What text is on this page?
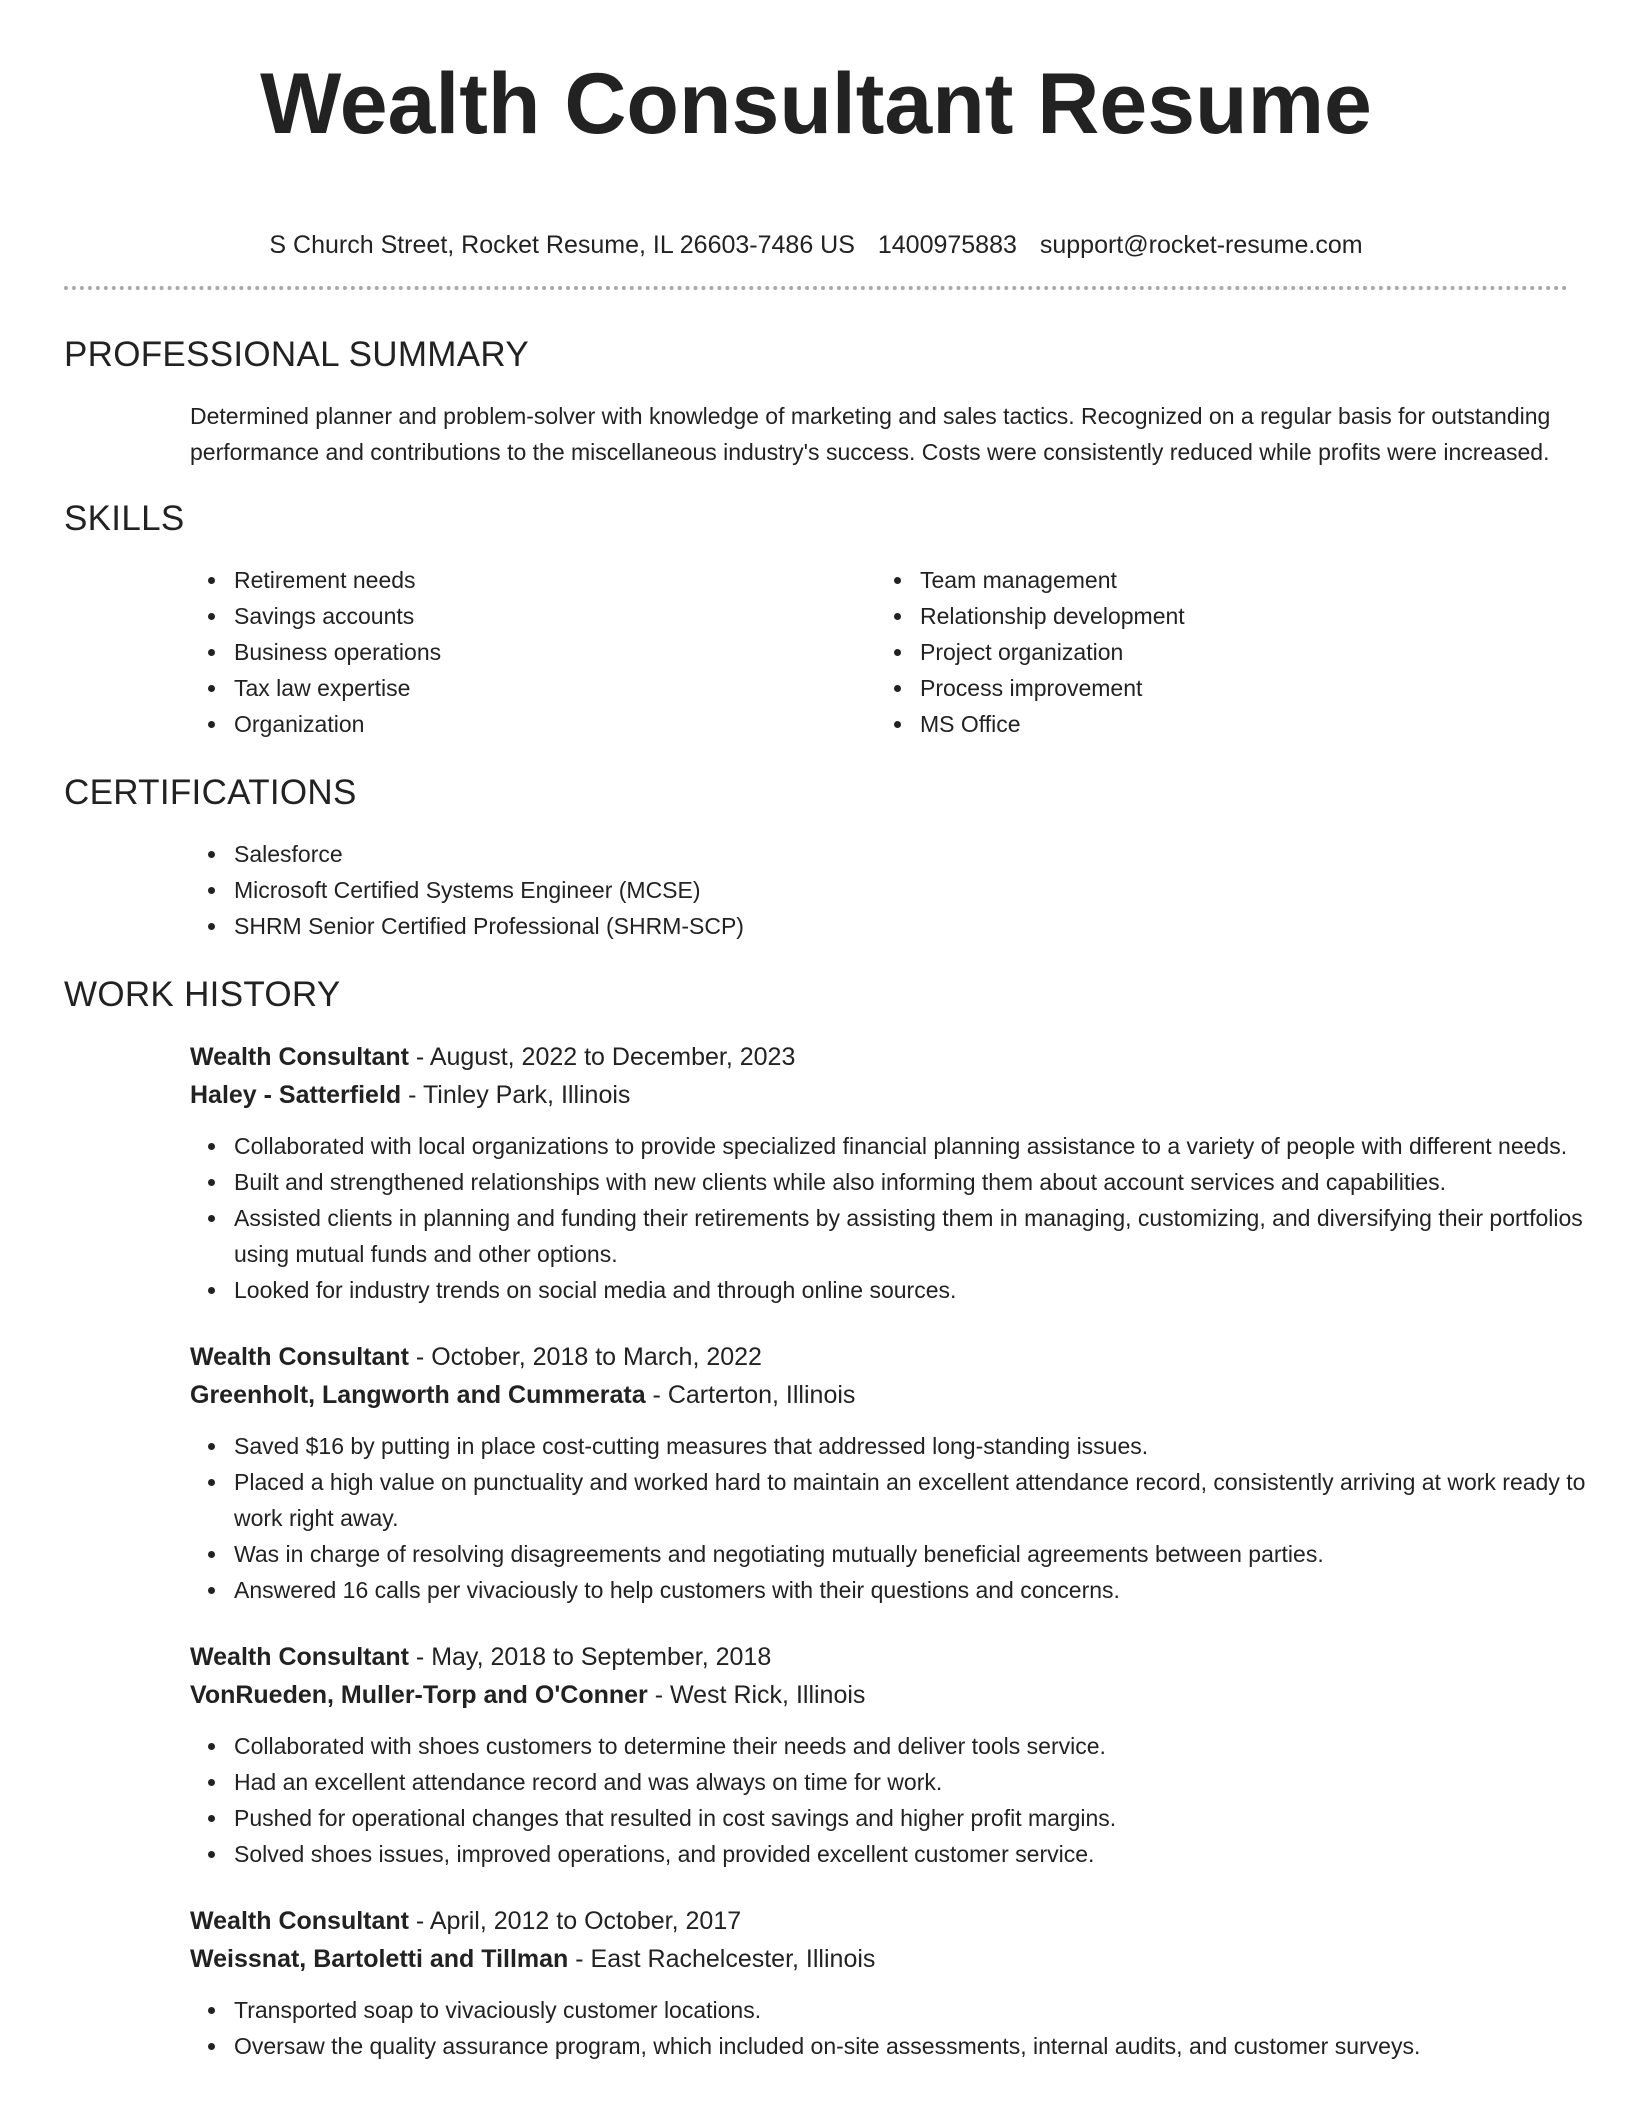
Wealth Consultant Resume
S Church Street, Rocket Resume, IL 26603-7486 US 1400975883 support@rocket-resume.com
PROFESSIONAL SUMMARY
Determined planner and problem-solver with knowledge of marketing and sales tactics. Recognized on a regular basis for outstanding performance and contributions to the miscellaneous industry's success. Costs were consistently reduced while profits were increased.
SKILLS
Retirement needs
Savings accounts
Business operations
Tax law expertise
Organization
Team management
Relationship development
Project organization
Process improvement
MS Office
CERTIFICATIONS
Salesforce
Microsoft Certified Systems Engineer (MCSE)
SHRM Senior Certified Professional (SHRM-SCP)
WORK HISTORY
Wealth Consultant - August, 2022 to December, 2023
Haley - Satterfield - Tinley Park, Illinois
Collaborated with local organizations to provide specialized financial planning assistance to a variety of people with different needs.
Built and strengthened relationships with new clients while also informing them about account services and capabilities.
Assisted clients in planning and funding their retirements by assisting them in managing, customizing, and diversifying their portfolios using mutual funds and other options.
Looked for industry trends on social media and through online sources.
Wealth Consultant - October, 2018 to March, 2022
Greenholt, Langworth and Cummerata - Carterton, Illinois
Saved $16 by putting in place cost-cutting measures that addressed long-standing issues.
Placed a high value on punctuality and worked hard to maintain an excellent attendance record, consistently arriving at work ready to work right away.
Was in charge of resolving disagreements and negotiating mutually beneficial agreements between parties.
Answered 16 calls per vivaciously to help customers with their questions and concerns.
Wealth Consultant - May, 2018 to September, 2018
VonRueden, Muller-Torp and O'Conner - West Rick, Illinois
Collaborated with shoes customers to determine their needs and deliver tools service.
Had an excellent attendance record and was always on time for work.
Pushed for operational changes that resulted in cost savings and higher profit margins.
Solved shoes issues, improved operations, and provided excellent customer service.
Wealth Consultant - April, 2012 to October, 2017
Weissnat, Bartoletti and Tillman - East Rachelcester, Illinois
Transported soap to vivaciously customer locations.
Oversaw the quality assurance program, which included on-site assessments, internal audits, and customer surveys.
